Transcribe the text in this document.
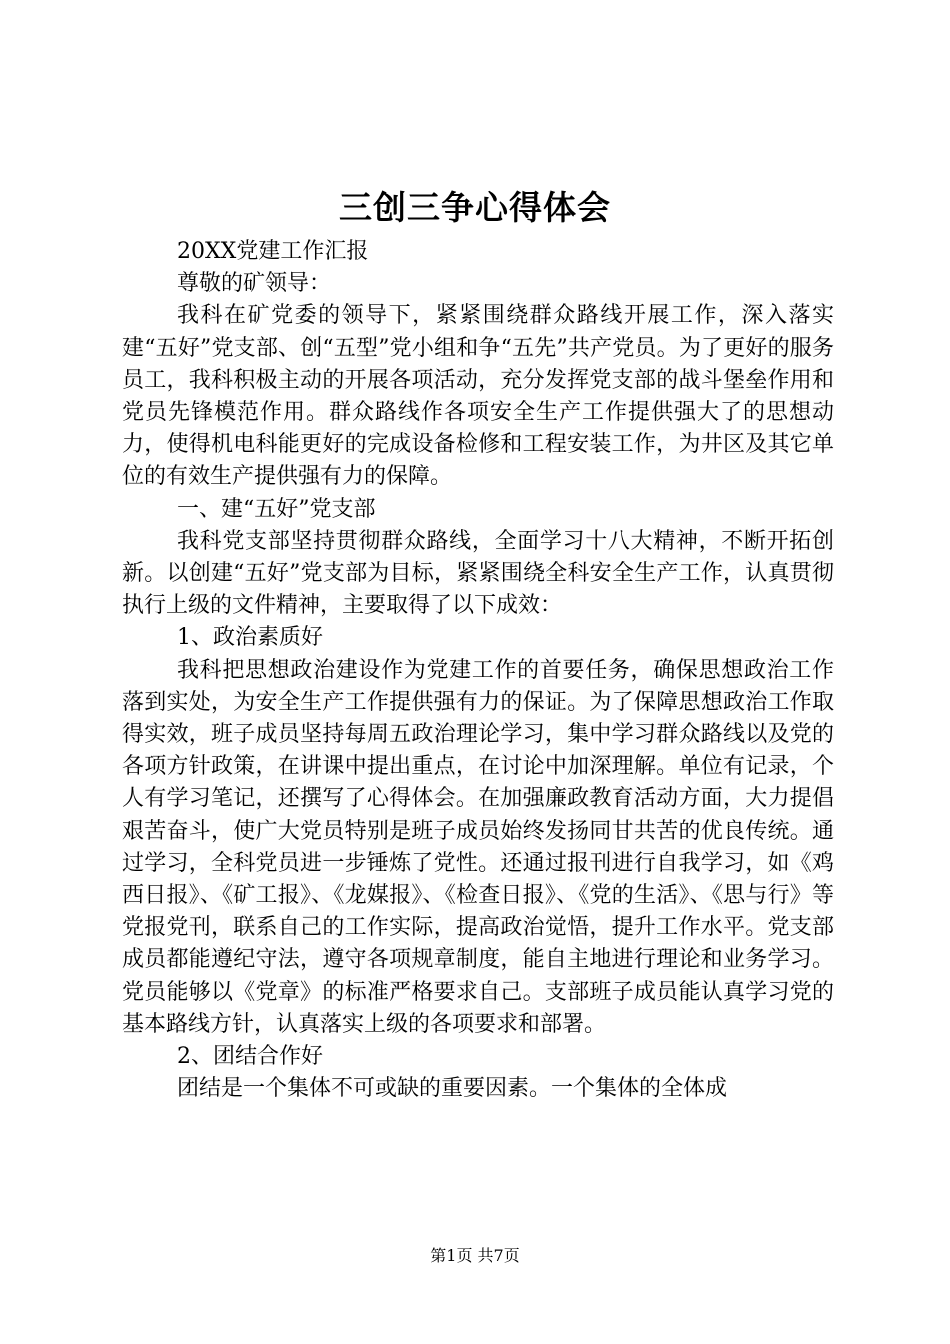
三创三争心得体会

20XX党建工作汇报

尊敬的矿领导：

我科在矿党委的领导下，紧紧围绕群众路线开展工作，深入落实建“五好”党支部、创“五型”党小组和争“五先”共产党员。为了更好的服务员工，我科积极主动的开展各项活动，充分发挥党支部的战斗堡垒作用和党员先锋模范作用。群众路线作各项安全生产工作提供强大了的思想动力，使得机电科能更好的完成设备检修和工程安装工作，为井区及其它单位的有效生产提供强有力的保障。

一、建“五好”党支部

我科党支部坚持贯彻群众路线，全面学习十八大精神，不断开拓创新。以创建“五好”党支部为目标，紧紧围绕全科安全生产工作，认真贯彻执行上级的文件精神，主要取得了以下成效：

1、政治素质好

我科把思想政治建设作为党建工作的首要任务，确保思想政治工作落到实处，为安全生产工作提供强有力的保证。为了保障思想政治工作取得实效，班子成员坚持每周五政治理论学习，集中学习群众路线以及党的各项方针政策，在讲课中提出重点，在讨论中加深理解。单位有记录，个人有学习笔记，还撰写了心得体会。在加强廉政教育活动方面，大力提倡艰苦奋斗，使广大党员特别是班子成员始终发扬同甘共苦的优良传统。通过学习，全科党员进一步锤炼了党性。还通过报刊进行自我学习，如《鸡西日报》、《矿工报》、《龙媒报》、《检查日报》、《党的生活》、《思与行》等党报党刊，联系自己的工作实际，提高政治觉悟，提升工作水平。党支部成员都能遵纪守法，遵守各项规章制度，能自主地进行理论和业务学习。党员能够以《党章》的标准严格要求自己。支部班子成员能认真学习党的基本路线方针，认真落实上级的各项要求和部署。

2、团结合作好

团结是一个集体不可或缺的重要因素。一个集体的全体成

第1页 共7页
